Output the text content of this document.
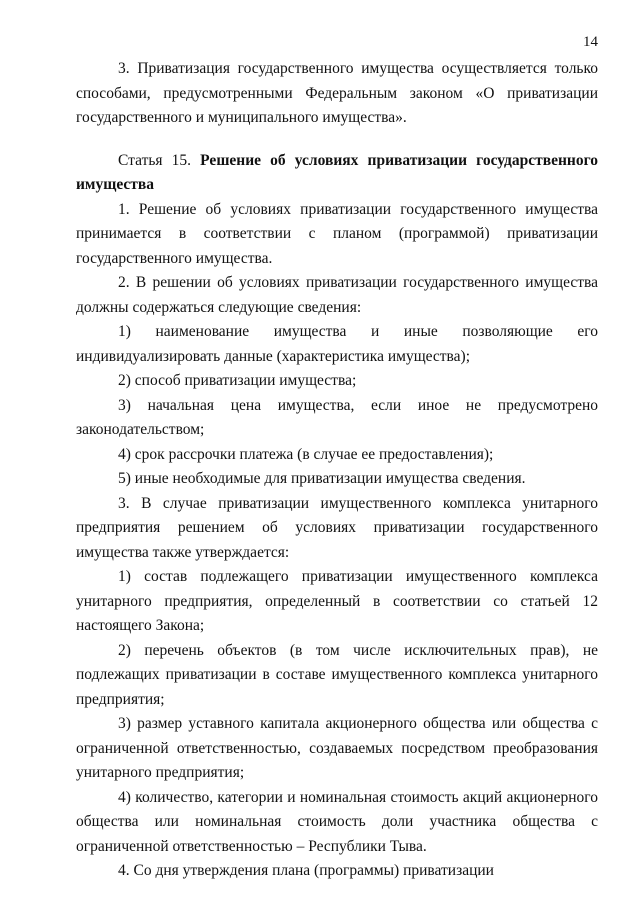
14

3. Приватизация государственного имущества осуществляется только способами, предусмотренными Федеральным законом «О приватизации государственного и муниципального имущества».

Статья 15. Решение об условиях приватизации государственного имущества

1. Решение об условиях приватизации государственного имущества принимается в соответствии с планом (программой) приватизации государственного имущества.

2. В решении об условиях приватизации государственного имущества должны содержаться следующие сведения:

1) наименование имущества и иные позволяющие его индивидуализировать данные (характеристика имущества);

2) способ приватизации имущества;

3) начальная цена имущества, если иное не предусмотрено законодательством;

4) срок рассрочки платежа (в случае ее предоставления);

5) иные необходимые для приватизации имущества сведения.

3. В случае приватизации имущественного комплекса унитарного предприятия решением об условиях приватизации государственного имущества также утверждается:

1) состав подлежащего приватизации имущественного комплекса унитарного предприятия, определенный в соответствии со статьей 12 настоящего Закона;

2) перечень объектов (в том числе исключительных прав), не подлежащих приватизации в составе имущественного комплекса унитарного предприятия;

3) размер уставного капитала акционерного общества или общества с ограниченной ответственностью, создаваемых посредством преобразования унитарного предприятия;

4) количество, категории и номинальная стоимость акций акционерного общества или номинальная стоимость доли участника общества с ограниченной ответственностью – Республики Тыва.

4. Со дня утверждения плана (программы) приватизации
